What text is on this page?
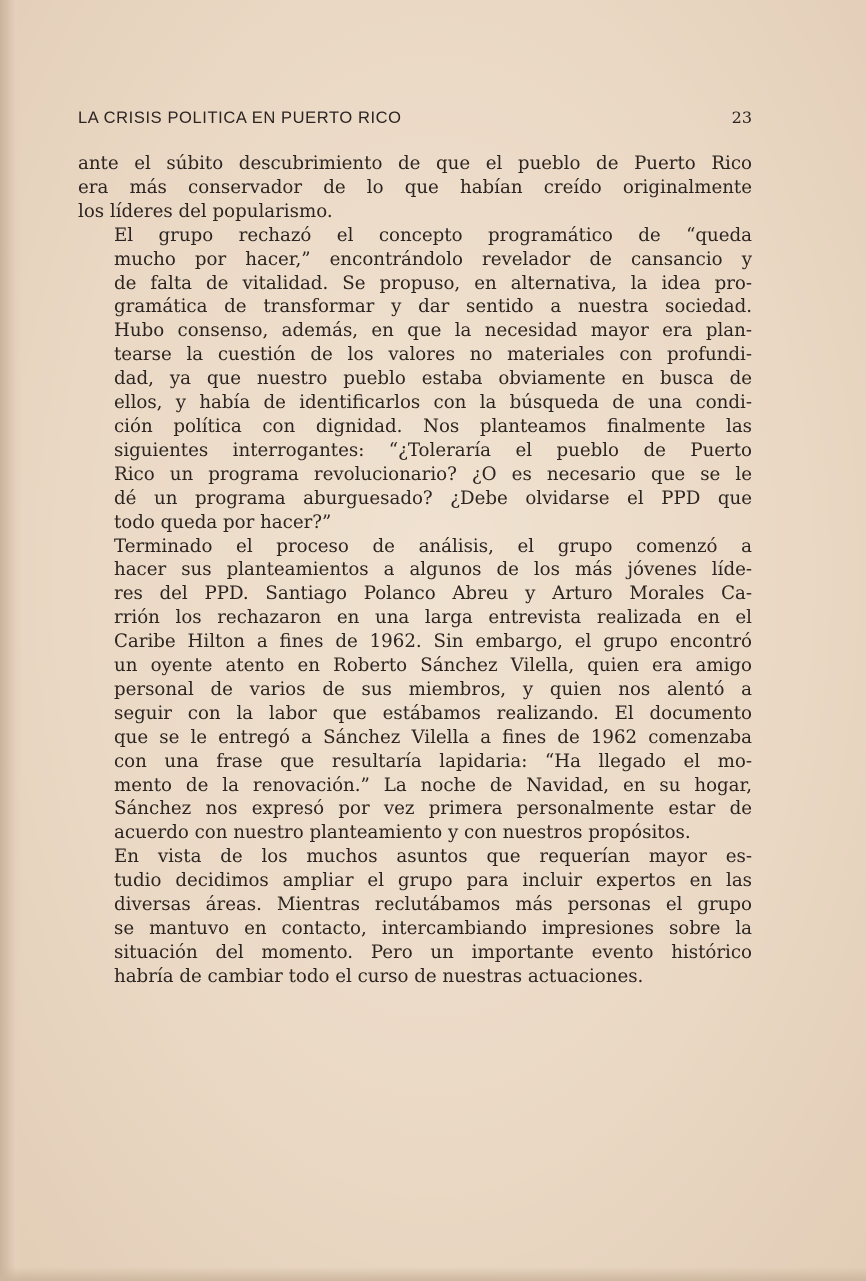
LA CRISIS POLITICA EN PUERTO RICO	23

ante el súbito descubrimiento de que el pueblo de Puerto Rico
era más conservador de lo que habían creído originalmente
los líderes del popularismo.

El grupo rechazó el concepto programático de “queda
mucho por hacer,” encontrándolo revelador de cansancio y
de falta de vitalidad. Se propuso, en alternativa, la idea pro-
gramática de transformar y dar sentido a nuestra sociedad.
Hubo consenso, además, en que la necesidad mayor era plan-
tearse la cuestión de los valores no materiales con profundi-
dad, ya que nuestro pueblo estaba obviamente en busca de
ellos, y había de identificarlos con la búsqueda de una condi-
ción política con dignidad. Nos planteamos finalmente las
siguientes interrogantes: “¿Toleraría el pueblo de Puerto
Rico un programa revolucionario? ¿O es necesario que se le
dé un programa aburguesado? ¿Debe olvidarse el PPD que
todo queda por hacer?”

Terminado el proceso de análisis, el grupo comenzó a
hacer sus planteamientos a algunos de los más jóvenes líde-
res del PPD. Santiago Polanco Abreu y Arturo Morales Ca-
rrión los rechazaron en una larga entrevista realizada en el
Caribe Hilton a fines de 1962. Sin embargo, el grupo encontró
un oyente atento en Roberto Sánchez Vilella, quien era amigo
personal de varios de sus miembros, y quien nos alentó a
seguir con la labor que estábamos realizando. El documento
que se le entregó a Sánchez Vilella a fines de 1962 comenzaba
con una frase que resultaría lapidaria: “Ha llegado el mo-
mento de la renovación.” La noche de Navidad, en su hogar,
Sánchez nos expresó por vez primera personalmente estar de
acuerdo con nuestro planteamiento y con nuestros propósitos.

En vista de los muchos asuntos que requerían mayor es-
tudio decidimos ampliar el grupo para incluir expertos en las
diversas áreas. Mientras reclutábamos más personas el grupo
se mantuvo en contacto, intercambiando impresiones sobre la
situación del momento. Pero un importante evento histórico
habría de cambiar todo el curso de nuestras actuaciones.
